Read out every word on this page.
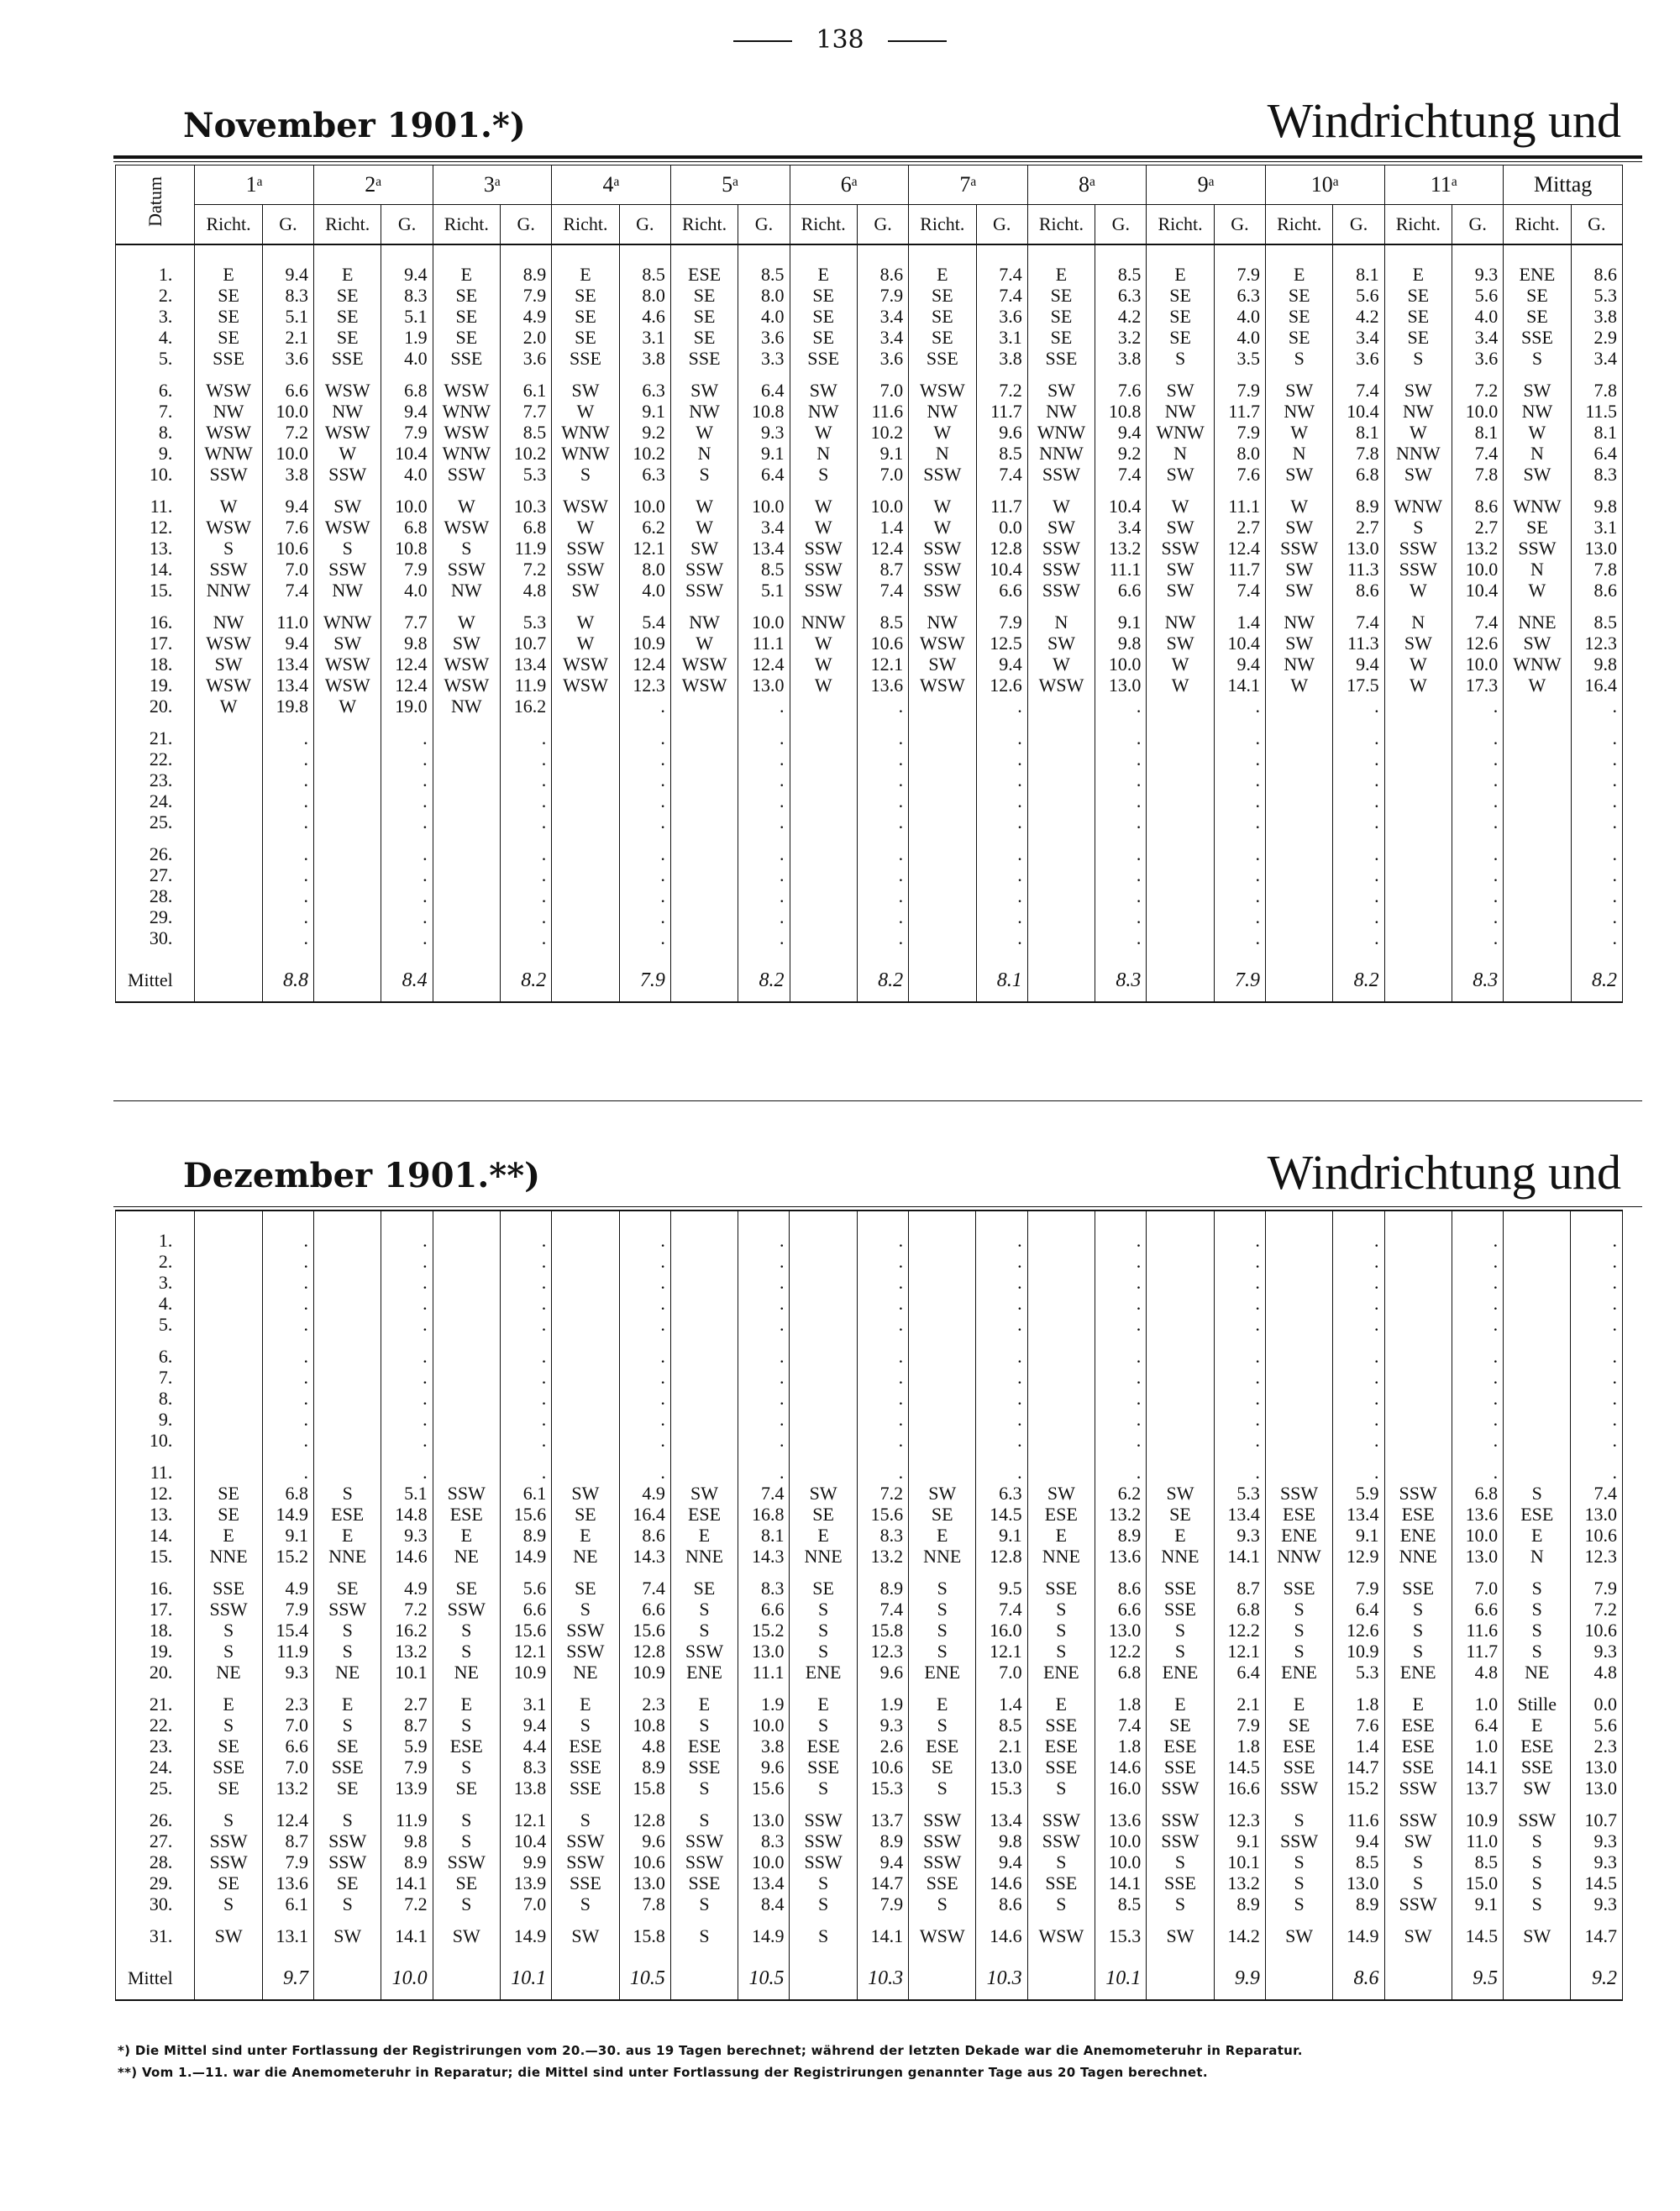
138
November 1901.*)	Windrichtung und
Datum	1ᵃ		2ᵃ		3ᵃ		4ᵃ		5ᵃ		6ᵃ		7ᵃ		8ᵃ		9ᵃ		10ᵃ		11ᵃ		Mittag	
	Richt.	G.	Richt.	G.	Richt.	G.	Richt.	G.	Richt.	G.	Richt.	G.	Richt.	G.	Richt.	G.	Richt.	G.	Richt.	G.	Richt.	G.	Richt.	G.

1.	E	9.4	E	9.4	E	8.9	E	8.5	ESE	8.5	E	8.6	E	7.4	E	8.5	E	7.9	E	8.1	E	9.3	ENE	8.6
2.	SE	8.3	SE	8.3	SE	7.9	SE	8.0	SE	8.0	SE	7.9	SE	7.4	SE	6.3	SE	6.3	SE	5.6	SE	5.6	SE	5.3
3.	SE	5.1	SE	5.1	SE	4.9	SE	4.6	SE	4.0	SE	3.4	SE	3.6	SE	4.2	SE	4.0	SE	4.2	SE	4.0	SE	3.8
4.	SE	2.1	SE	1.9	SE	2.0	SE	3.1	SE	3.6	SE	3.4	SE	3.1	SE	3.2	SE	4.0	SE	3.4	SE	3.4	SSE	2.9
5.	SSE	3.6	SSE	4.0	SSE	3.6	SSE	3.8	SSE	3.3	SSE	3.6	SSE	3.8	SSE	3.8	S	3.5	S	3.6	S	3.6	S	3.4

6.	WSW	6.6	WSW	6.8	WSW	6.1	SW	6.3	SW	6.4	SW	7.0	WSW	7.2	SW	7.6	SW	7.9	SW	7.4	SW	7.2	SW	7.8
7.	NW	10.0	NW	9.4	WNW	7.7	W	9.1	NW	10.8	NW	11.6	NW	11.7	NW	10.8	NW	11.7	NW	10.4	NW	10.0	NW	11.5
8.	WSW	7.2	WSW	7.9	WSW	8.5	WNW	9.2	W	9.3	W	10.2	W	9.6	WNW	9.4	WNW	7.9	W	8.1	W	8.1	W	8.1
9.	WNW	10.0	W	10.4	WNW	10.2	WNW	10.2	N	9.1	N	9.1	N	8.5	NNW	9.2	N	8.0	N	7.8	NNW	7.4	N	6.4
10.	SSW	3.8	SSW	4.0	SSW	5.3	S	6.3	S	6.4	S	7.0	SSW	7.4	SSW	7.4	SW	7.6	SW	6.8	SW	7.8	SW	8.3

11.	W	9.4	SW	10.0	W	10.3	WSW	10.0	W	10.0	W	10.0	W	11.7	W	10.4	W	11.1	W	8.9	WNW	8.6	WNW	9.8
12.	WSW	7.6	WSW	6.8	WSW	6.8	W	6.2	W	3.4	W	1.4	W	0.0	SW	3.4	SW	2.7	SW	2.7	S	2.7	SE	3.1
13.	S	10.6	S	10.8	S	11.9	SSW	12.1	SW	13.4	SSW	12.4	SSW	12.8	SSW	13.2	SSW	12.4	SSW	13.0	SSW	13.2	SSW	13.0
14.	SSW	7.0	SSW	7.9	SSW	7.2	SSW	8.0	SSW	8.5	SSW	8.7	SSW	10.4	SSW	11.1	SW	11.7	SW	11.3	SSW	10.0	N	7.8
15.	NNW	7.4	NW	4.0	NW	4.8	SW	4.0	SSW	5.1	SSW	7.4	SSW	6.6	SSW	6.6	SW	7.4	SW	8.6	W	10.4	W	8.6

16.	NW	11.0	WNW	7.7	W	5.3	W	5.4	NW	10.0	NNW	8.5	NW	7.9	N	9.1	NW	1.4	NW	7.4	N	7.4	NNE	8.5
17.	WSW	9.4	SW	9.8	SW	10.7	W	10.9	W	11.1	W	10.6	WSW	12.5	SW	9.8	SW	10.4	SW	11.3	SW	12.6	SW	12.3
18.	SW	13.4	WSW	12.4	WSW	13.4	WSW	12.4	WSW	12.4	W	12.1	SW	9.4	W	10.0	W	9.4	NW	9.4	W	10.0	WNW	9.8
19.	WSW	13.4	WSW	12.4	WSW	11.9	WSW	12.3	WSW	13.0	W	13.6	WSW	12.6	WSW	13.0	W	14.1	W	17.5	W	17.3	W	16.4
20.	W	19.8	W	19.0	NW	16.2		.		.		.		.		.		.		.		.		.

21.		.		.		.		.		.		.		.		.		.		.		.		.
22.		.		.		.		.		.		.		.		.		.		.		.		.
23.		.		.		.		.		.		.		.		.		.		.		.		.
24.		.		.		.		.		.		.		.		.		.		.		.		.
25.		.		.		.		.		.		.		.		.		.		.		.		.

26.		.		.		.		.		.		.		.		.		.		.		.		.
27.		.		.		.		.		.		.		.		.		.		.		.		.
28.		.		.		.		.		.		.		.		.		.		.		.		.
29.		.		.		.		.		.		.		.		.		.		.		.		.
30.		.		.		.		.		.		.		.		.		.		.		.		.

Mittel		8.8		8.4		8.2		7.9		8.2		8.2		8.1		8.3		7.9		8.2		8.3		8.2
Dezember 1901.**)	Windrichtung und

1.		.		.		.		.		.		.		.		.		.		.		.		.
2.		.		.		.		.		.		.		.		.		.		.		.		.
3.		.		.		.		.		.		.		.		.		.		.		.		.
4.		.		.		.		.		.		.		.		.		.		.		.		.
5.		.		.		.		.		.		.		.		.		.		.		.		.

6.		.		.		.		.		.		.		.		.		.		.		.		.
7.		.		.		.		.		.		.		.		.		.		.		.		.
8.		.		.		.		.		.		.		.		.		.		.		.		.
9.		.		.		.		.		.		.		.		.		.		.		.		.
10.		.		.		.		.		.		.		.		.		.		.		.		.

11.		.		.		.		.		.		.		.		.		.		.		.		.
12.	SE	6.8	S	5.1	SSW	6.1	SW	4.9	SW	7.4	SW	7.2	SW	6.3	SW	6.2	SW	5.3	SSW	5.9	SSW	6.8	S	7.4
13.	SE	14.9	ESE	14.8	ESE	15.6	SE	16.4	ESE	16.8	SE	15.6	SE	14.5	ESE	13.2	SE	13.4	ESE	13.4	ESE	13.6	ESE	13.0
14.	E	9.1	E	9.3	E	8.9	E	8.6	E	8.1	E	8.3	E	9.1	E	8.9	E	9.3	ENE	9.1	ENE	10.0	E	10.6
15.	NNE	15.2	NNE	14.6	NE	14.9	NE	14.3	NNE	14.3	NNE	13.2	NNE	12.8	NNE	13.6	NNE	14.1	NNW	12.9	NNE	13.0	N	12.3

16.	SSE	4.9	SE	4.9	SE	5.6	SE	7.4	SE	8.3	SE	8.9	S	9.5	SSE	8.6	SSE	8.7	SSE	7.9	SSE	7.0	S	7.9
17.	SSW	7.9	SSW	7.2	SSW	6.6	S	6.6	S	6.6	S	7.4	S	7.4	S	6.6	SSE	6.8	S	6.4	S	6.6	S	7.2
18.	S	15.4	S	16.2	S	15.6	SSW	15.6	S	15.2	S	15.8	S	16.0	S	13.0	S	12.2	S	12.6	S	11.6	S	10.6
19.	S	11.9	S	13.2	S	12.1	SSW	12.8	SSW	13.0	S	12.3	S	12.1	S	12.2	S	12.1	S	10.9	S	11.7	S	9.3
20.	NE	9.3	NE	10.1	NE	10.9	NE	10.9	ENE	11.1	ENE	9.6	ENE	7.0	ENE	6.8	ENE	6.4	ENE	5.3	ENE	4.8	NE	4.8

21.	E	2.3	E	2.7	E	3.1	E	2.3	E	1.9	E	1.9	E	1.4	E	1.8	E	2.1	E	1.8	E	1.0	Stille	0.0
22.	S	7.0	S	8.7	S	9.4	S	10.8	S	10.0	S	9.3	S	8.5	SSE	7.4	SE	7.9	SE	7.6	ESE	6.4	E	5.6
23.	SE	6.6	SE	5.9	ESE	4.4	ESE	4.8	ESE	3.8	ESE	2.6	ESE	2.1	ESE	1.8	ESE	1.8	ESE	1.4	ESE	1.0	ESE	2.3
24.	SSE	7.0	SSE	7.9	S	8.3	SSE	8.9	SSE	9.6	SSE	10.6	SE	13.0	SSE	14.6	SSE	14.5	SSE	14.7	SSE	14.1	SSE	13.0
25.	SE	13.2	SE	13.9	SE	13.8	SSE	15.8	S	15.6	S	15.3	S	15.3	S	16.0	SSW	16.6	SSW	15.2	SSW	13.7	SW	13.0

26.	S	12.4	S	11.9	S	12.1	S	12.8	S	13.0	SSW	13.7	SSW	13.4	SSW	13.6	SSW	12.3	S	11.6	SSW	10.9	SSW	10.7
27.	SSW	8.7	SSW	9.8	S	10.4	SSW	9.6	SSW	8.3	SSW	8.9	SSW	9.8	SSW	10.0	SSW	9.1	SSW	9.4	SW	11.0	S	9.3
28.	SSW	7.9	SSW	8.9	SSW	9.9	SSW	10.6	SSW	10.0	SSW	9.4	SSW	9.4	S	10.0	S	10.1	S	8.5	S	8.5	S	9.3
29.	SE	13.6	SE	14.1	SE	13.9	SSE	13.0	SSE	13.4	S	14.7	SSE	14.6	SSE	14.1	SSE	13.2	S	13.0	S	15.0	S	14.5
30.	S	6.1	S	7.2	S	7.0	S	7.8	S	8.4	S	7.9	S	8.6	S	8.5	S	8.9	S	8.9	SSW	9.1	S	9.3

31.	SW	13.1	SW	14.1	SW	14.9	SW	15.8	S	14.9	S	14.1	WSW	14.6	WSW	15.3	SW	14.2	SW	14.9	SW	14.5	SW	14.7

Mittel		9.7		10.0		10.1		10.5		10.5		10.3		10.3		10.1		9.9		8.6		9.5		9.2
*) Die Mittel sind unter Fortlassung der Registrirungen vom 20.—30. aus 19 Tagen berechnet; während der letzten Dekade war die Anemometeruhr in Reparatur.
**) Vom 1.—11. war die Anemometeruhr in Reparatur; die Mittel sind unter Fortlassung der Registrirungen genannter Tage aus 20 Tagen berechnet.
